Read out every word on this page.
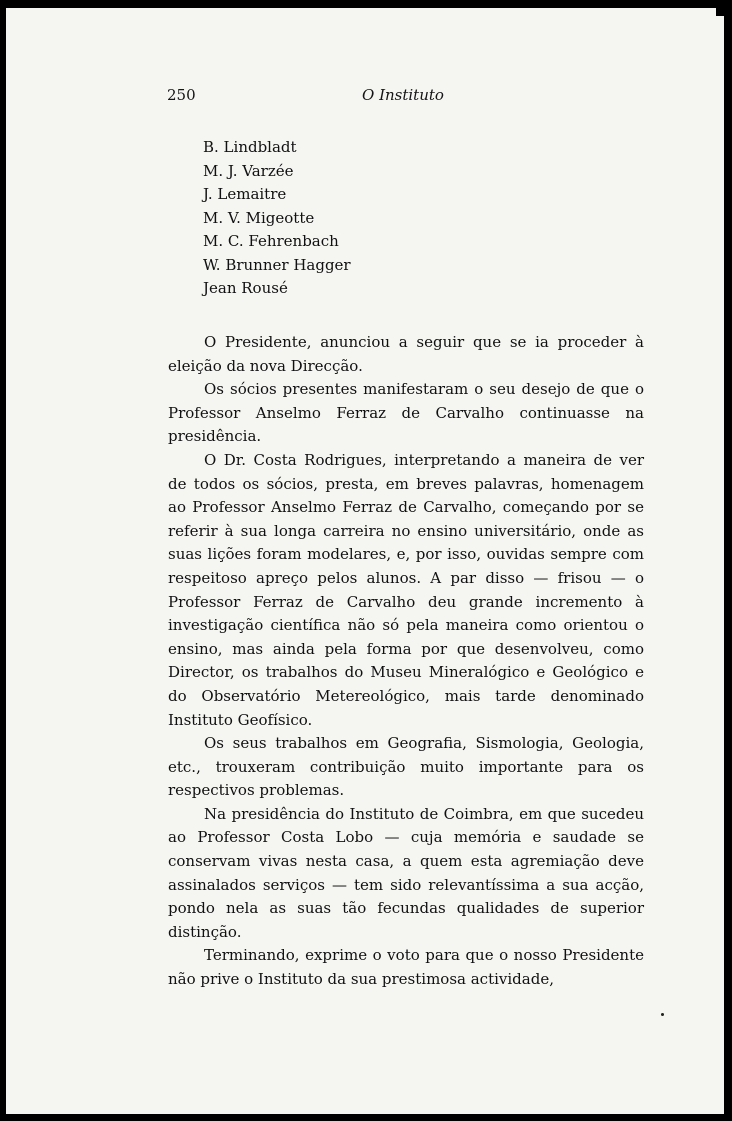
250	O Instituto
B. Lindbladt
M. J. Varzée
J. Lemaitre
M. V. Migeotte
M. C. Fehrenbach
W. Brunner Hagger
Jean Rousé

O Presidente, anunciou a seguir que se ia proceder à eleição da nova Direcção.

Os sócios presentes manifestaram o seu desejo de que o Professor Anselmo Ferraz de Carvalho continuasse na presidência.

O Dr. Costa Rodrigues, interpretando a maneira de ver de todos os sócios, presta, em breves palavras, homenagem ao Professor Anselmo Ferraz de Carvalho, começando por se referir à sua longa carreira no ensino universitário, onde as suas lições foram modelares, e, por isso, ouvidas sempre com respeitoso apreço pelos alunos. A par disso — frisou — o Professor Ferraz de Carvalho deu grande incremento à investigação científica não só pela maneira como orientou o ensino, mas ainda pela forma por que desenvolveu, como Director, os trabalhos do Museu Mineralógico e Geológico e do Observatório Metereológico, mais tarde denominado Instituto Geofísico.

Os seus trabalhos em Geografia, Sismologia, Geologia, etc., trouxeram contribuição muito importante para os respectivos problemas.

Na presidência do Instituto de Coimbra, em que sucedeu ao Professor Costa Lobo — cuja memória e saudade se conservam vivas nesta casa, a quem esta agremiação deve assinalados serviços — tem sido relevantíssima a sua acção, pondo nela as suas tão fecundas qualidades de superior distinção.

Terminando, exprime o voto para que o nosso Presidente não prive o Instituto da sua prestimosa actividade,
